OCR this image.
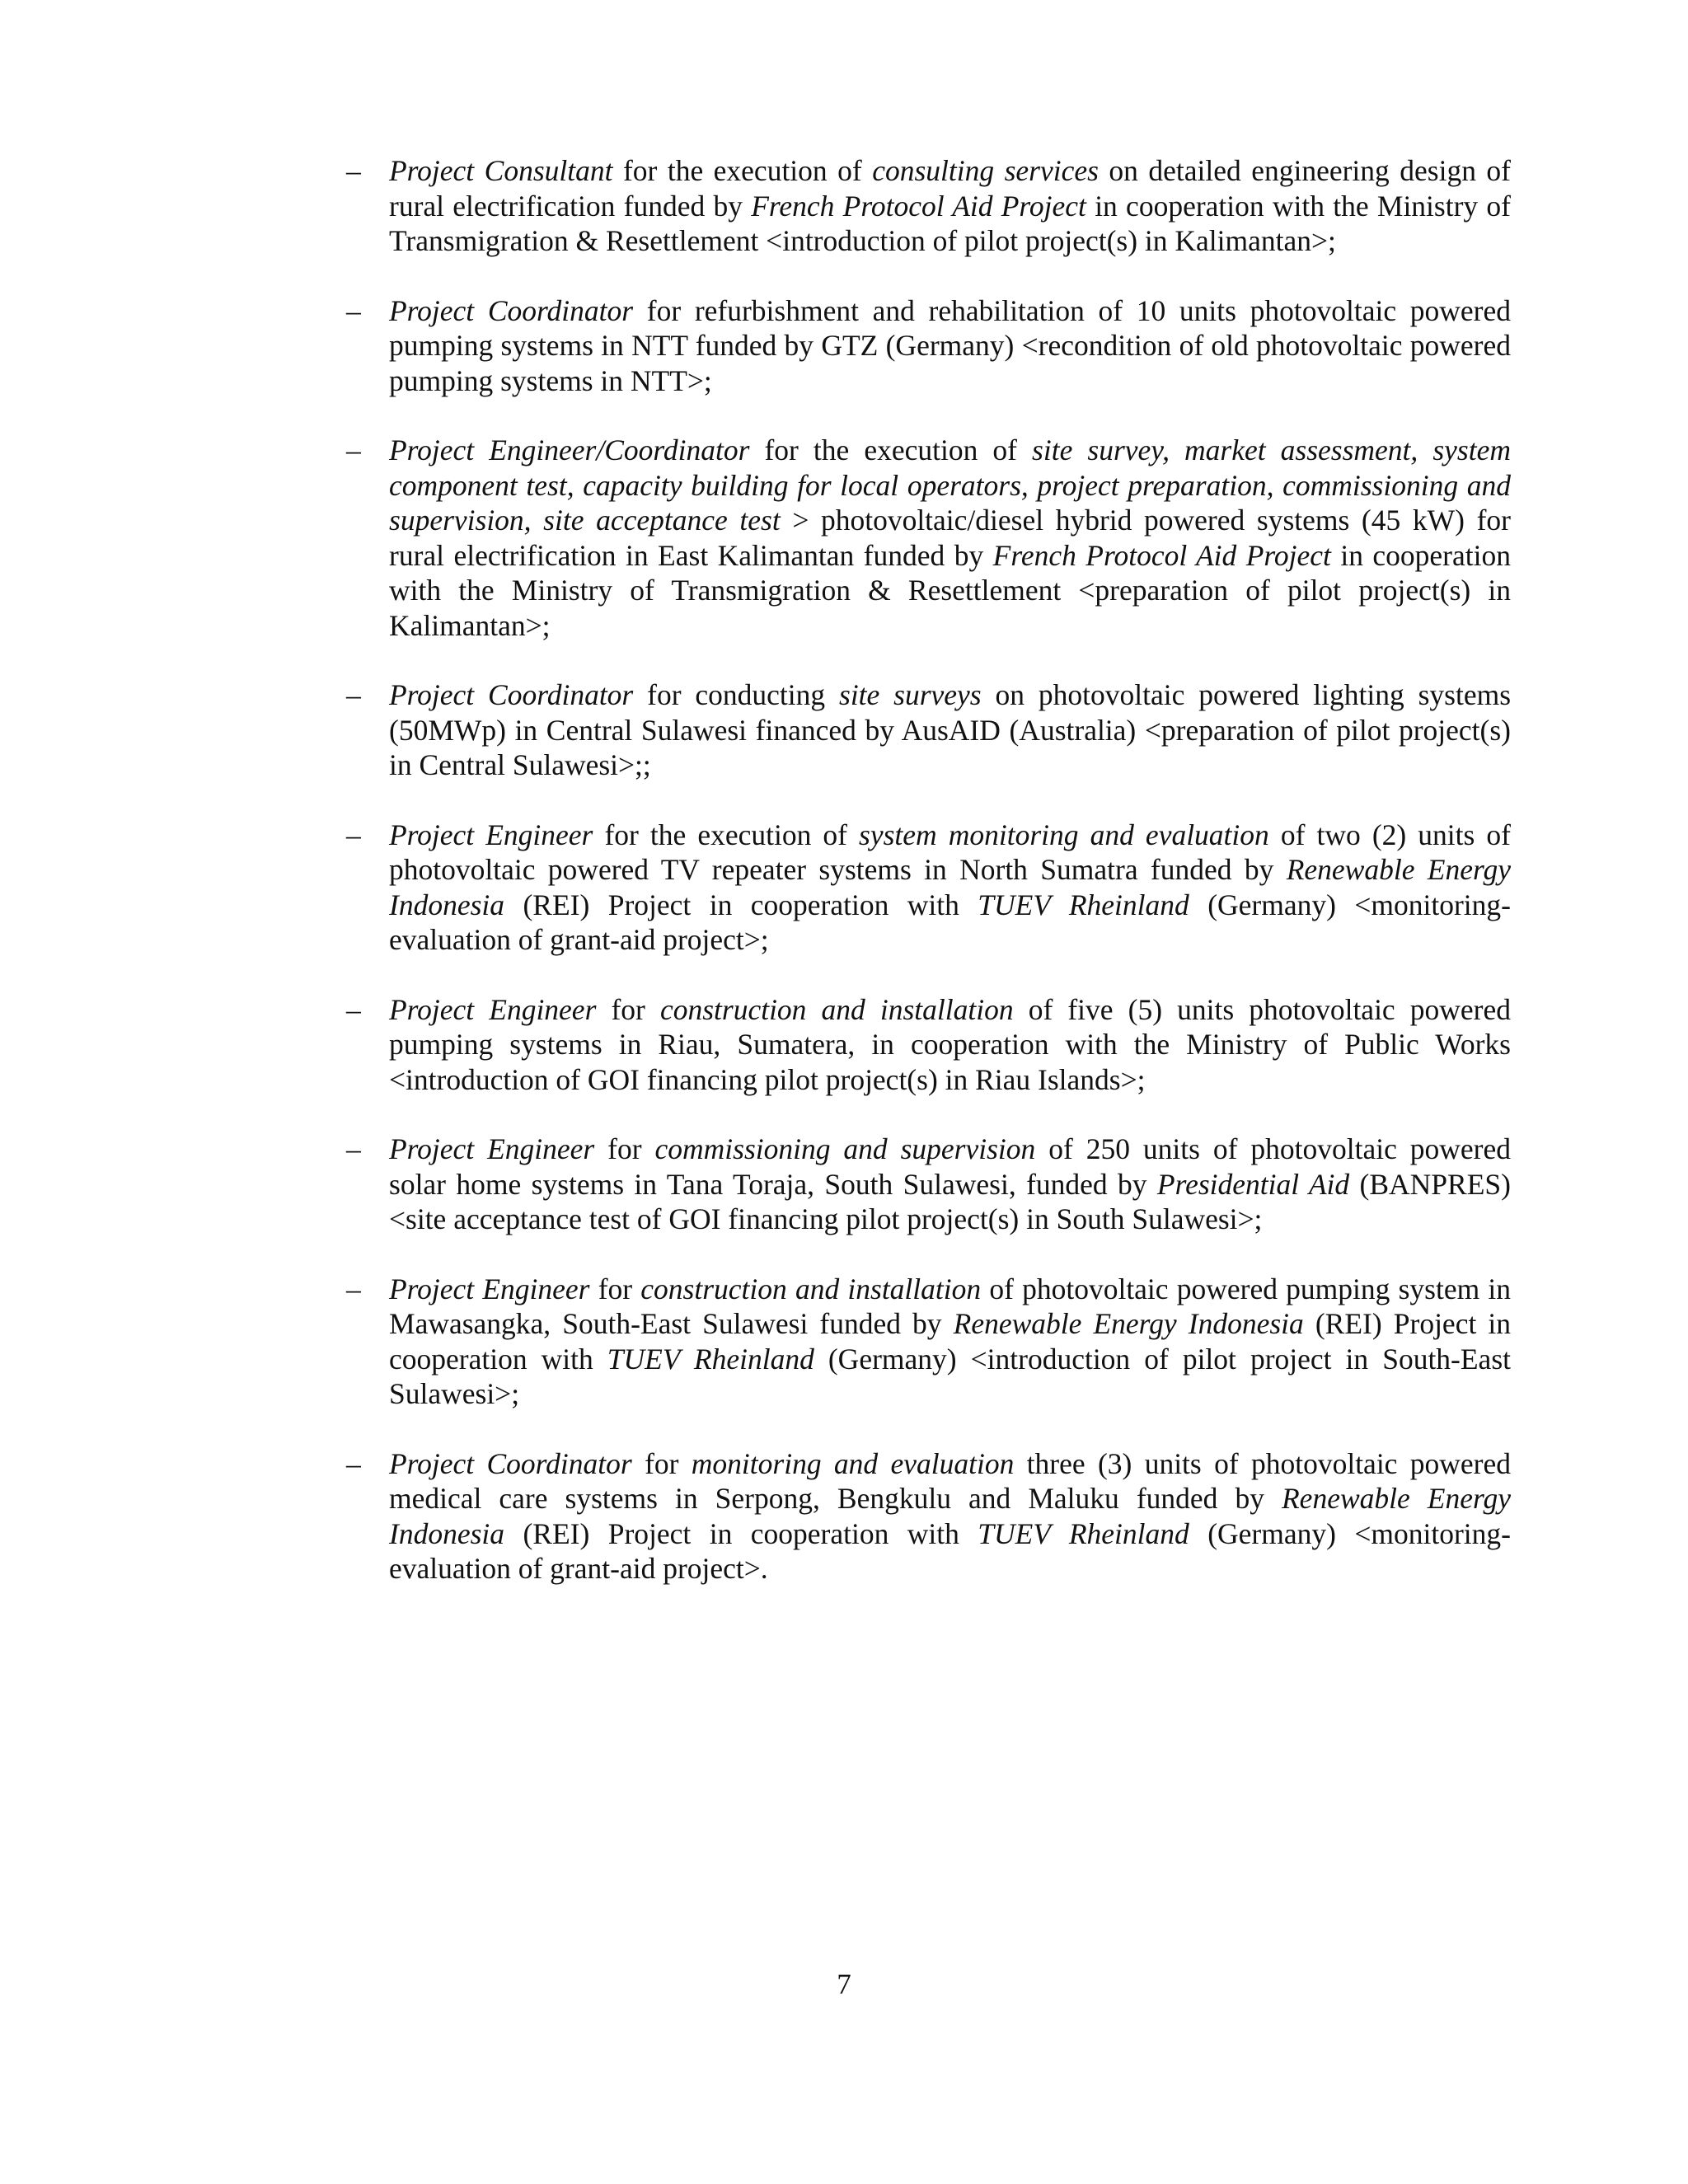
– Project Consultant for the execution of consulting services on detailed engineering design of rural electrification funded by French Protocol Aid Project in cooperation with the Ministry of Transmigration & Resettlement <introduction of pilot project(s) in Kalimantan>;
– Project Coordinator for refurbishment and rehabilitation of 10 units photovoltaic powered pumping systems in NTT funded by GTZ (Germany) <recondition of old photovoltaic powered pumping systems in NTT>;
– Project Engineer/Coordinator for the execution of site survey, market assessment, system component test, capacity building for local operators, project preparation, commissioning and supervision, site acceptance test > photovoltaic/diesel hybrid powered systems (45 kW) for rural electrification in East Kalimantan funded by French Protocol Aid Project in cooperation with the Ministry of Transmigration & Resettlement <preparation of pilot project(s) in Kalimantan>;
– Project Coordinator for conducting site surveys on photovoltaic powered lighting systems (50MWp) in Central Sulawesi financed by AusAID (Australia) <preparation of pilot project(s) in Central Sulawesi>;;
– Project Engineer for the execution of system monitoring and evaluation of two (2) units of photovoltaic powered TV repeater systems in North Sumatra funded by Renewable Energy Indonesia (REI) Project in cooperation with TUEV Rheinland (Germany) <monitoring-evaluation of grant-aid project>;
– Project Engineer for construction and installation of five (5) units photovoltaic powered pumping systems in Riau, Sumatera, in cooperation with the Ministry of Public Works <introduction of GOI financing pilot project(s) in Riau Islands>;
– Project Engineer for commissioning and supervision of 250 units of photovoltaic powered solar home systems in Tana Toraja, South Sulawesi, funded by Presidential Aid (BANPRES) <site acceptance test of GOI financing pilot project(s) in South Sulawesi>;
– Project Engineer for construction and installation of photovoltaic powered pumping system in Mawasangka, South-East Sulawesi funded by Renewable Energy Indonesia (REI) Project in cooperation with TUEV Rheinland (Germany) <introduction of pilot project in South-East Sulawesi>;
– Project Coordinator for monitoring and evaluation three (3) units of photovoltaic powered medical care systems in Serpong, Bengkulu and Maluku funded by Renewable Energy Indonesia (REI) Project in cooperation with TUEV Rheinland (Germany) <monitoring-evaluation of grant-aid project>.
7
